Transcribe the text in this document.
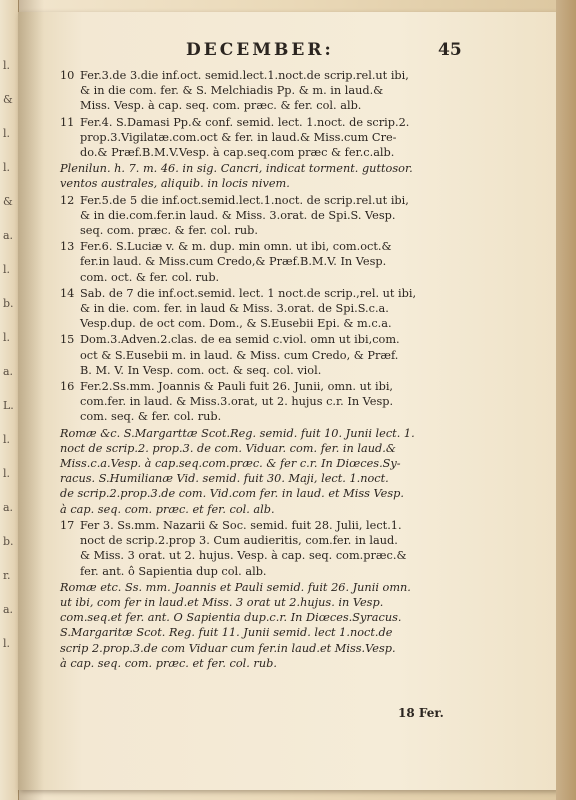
l.
&
l.
l.
&
a.
l.
b.
l.
a.
L.
l.
l.
a.
b.
r.
a.
l.
DECEMBER:	45
10 Fer.3.de 3.die inf.oct. semid.lect.1.noct.de scrip.rel.ut ibi,
& in die com. fer. & S. Melchiadis Pp. & m. in laud.&
Miss. Vesp. à cap. seq. com. præc. & fer. col. alb.
11 Fer.4. S.Damasi Pp.& conf. semid. lect. 1.noct. de scrip.2.
prop.3.Vigilatæ.com.oct & fer. in laud.& Miss.cum Cre-
do.& Præf.B.M.V.Vesp. à cap.seq.com præc & fer.c.alb.
Plenilun. h. 7. m. 46. in sig. Cancri, indicat torment. guttosor.
ventos australes, aliquib. in locis nivem.
12 Fer.5.de 5 die inf.oct.semid.lect.1.noct. de scrip.rel.ut ibi,
& in die.com.fer.in laud. & Miss. 3.orat. de Spi.S. Vesp.
seq. com. præc. & fer. col. rub.
13 Fer.6. S.Luciæ v. & m. dup. min omn. ut ibi, com.oct.&
fer.in laud. & Miss.cum Credo,& Præf.B.M.V. In Vesp.
com. oct. & fer. col. rub.
14 Sab. de 7 die inf.oct.semid. lect. 1 noct.de scrip.,rel. ut ibi,
& in die. com. fer. in laud & Miss. 3.orat. de Spi.S.c.a.
Vesp.dup. de oct com. Dom., & S.Eusebii Epi. & m.c.a.
15 Dom.3.Adven.2.clas. de ea semid c.viol. omn ut ibi,com.
oct & S.Eusebii m. in laud. & Miss. cum Credo, & Præf.
B. M. V. In Vesp. com. oct. & seq. col. viol.
16 Fer.2.Ss.mm. Joannis & Pauli fuit 26. Junii, omn. ut ibi,
com.fer. in laud. & Miss.3.orat, ut 2. hujus c.r. In Vesp.
com. seq. & fer. col. rub.
Romæ &c. S.Margarttæ Scot.Reg. semid. fuit 10. Junii lect. 1.
noct de scrip.2. prop.3. de com. Viduar. com. fer. in laud.&
Miss.c.a.Vesp. à cap.seq.com.præc. & fer c.r. In Diœces.Sy-
racus. S.Humilianæ Vid. semid. fuit 30. Maji, lect. 1.noct.
de scrip.2.prop.3.de com. Vid.com fer. in laud. et Miss Vesp.
à cap. seq. com. præc. et fer. col. alb.
17 Fer 3. Ss.mm. Nazarii & Soc. semid. fuit 28. Julii, lect.1.
noct de scrip.2.prop 3. Cum audieritis, com.fer. in laud.
& Miss. 3 orat. ut 2. hujus. Vesp. à cap. seq. com.præc.&
fer. ant. ô Sapientia dup col. alb.
Romæ etc. Ss. mm. Joannis et Pauli semid. fuit 26. Junii omn.
ut ibi, com fer in laud.et Miss. 3 orat ut 2.hujus. in Vesp.
com.seq.et fer. ant. O Sapientia dup.c.r. In Diœces.Syracus.
S.Margaritæ Scot. Reg. fuit 11. Junii semid. lect 1.noct.de
scrip 2.prop.3.de com Viduar cum fer.in laud.et Miss.Vesp.
à cap. seq. com. præc. et fer. col. rub.
18 Fer.
